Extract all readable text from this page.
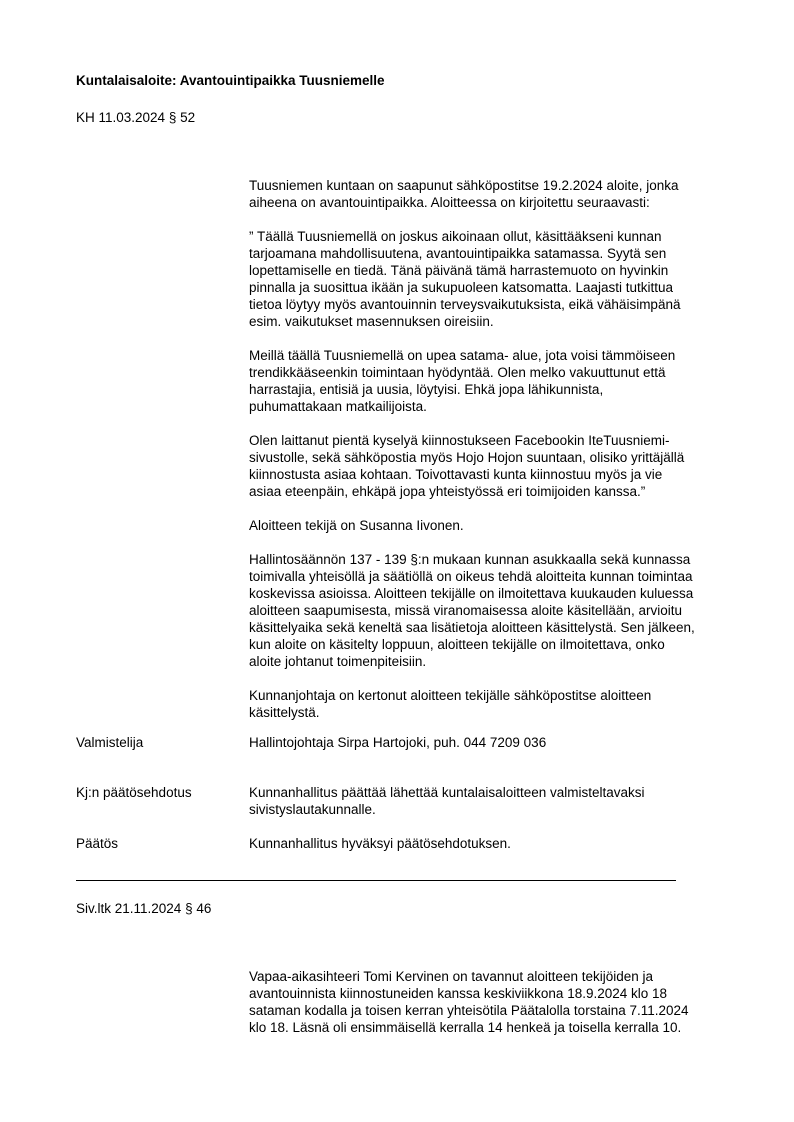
Kuntalaisaloite: Avantouintipaikka Tuusniemelle
KH 11.03.2024 § 52

Tuusniemen kuntaan on saapunut sähköpostitse 19.2.2024 aloite, jonka
aiheena on avantouintipaikka. Aloitteessa on kirjoitettu seuraavasti:

” Täällä Tuusniemellä on joskus aikoinaan ollut, käsittääkseni kunnan
tarjoamana mahdollisuutena, avantouintipaikka satamassa. Syytä sen
lopettamiselle en tiedä. Tänä päivänä tämä harrastemuoto on hyvinkin
pinnalla ja suosittua ikään ja sukupuoleen katsomatta. Laajasti tutkittua
tietoa löytyy myös avantouinnin terveysvaikutuksista, eikä vähäisimpänä
esim. vaikutukset masennuksen oireisiin.

Meillä täällä Tuusniemellä on upea satama- alue, jota voisi tämmöiseen
trendikkääseenkin toimintaan hyödyntää. Olen melko vakuuttunut että
harrastajia, entisiä ja uusia, löytyisi. Ehkä jopa lähikunnista,
puhumattakaan matkailijoista.

Olen laittanut pientä kyselyä kiinnostukseen Facebookin IteTuusniemi-
sivustolle, sekä sähköpostia myös Hojo Hojon suuntaan, olisiko yrittäjällä
kiinnostusta asiaa kohtaan. Toivottavasti kunta kiinnostuu myös ja vie
asiaa eteenpäin, ehkäpä jopa yhteistyössä eri toimijoiden kanssa.”

Aloitteen tekijä on Susanna Iivonen.

Hallintosäännön 137 - 139 §:n mukaan kunnan asukkaalla sekä kunnassa
toimivalla yhteisöllä ja säätiöllä on oikeus tehdä aloitteita kunnan toimintaa
koskevissa asioissa. Aloitteen tekijälle on ilmoitettava kuukauden kuluessa
aloitteen saapumisesta, missä viranomaisessa aloite käsitellään, arvioitu
käsittelyaika sekä keneltä saa lisätietoja aloitteen käsittelystä. Sen jälkeen,
kun aloite on käsitelty loppuun, aloitteen tekijälle on ilmoitettava, onko
aloite johtanut toimenpiteisiin.

Kunnanjohtaja on kertonut aloitteen tekijälle sähköpostitse aloitteen
käsittelystä.

Valmistelija	Hallintojohtaja Sirpa Hartojoki, puh. 044 7209 036
Kj:n päätösehdotus	Kunnanhallitus päättää lähettää kuntalaisaloitteen valmisteltavaksi
sivistyslautakunnalle.
Päätös	Kunnanhallitus hyväksyi päätösehdotuksen.
Siv.ltk 21.11.2024 § 46

Vapaa-aikasihteeri Tomi Kervinen on tavannut aloitteen tekijöiden ja
avantouinnista kiinnostuneiden kanssa keskiviikkona 18.9.2024 klo 18
sataman kodalla ja toisen kerran yhteisötila Päätalolla torstaina 7.11.2024
klo 18. Läsnä oli ensimmäisellä kerralla 14 henkeä ja toisella kerralla 10.
